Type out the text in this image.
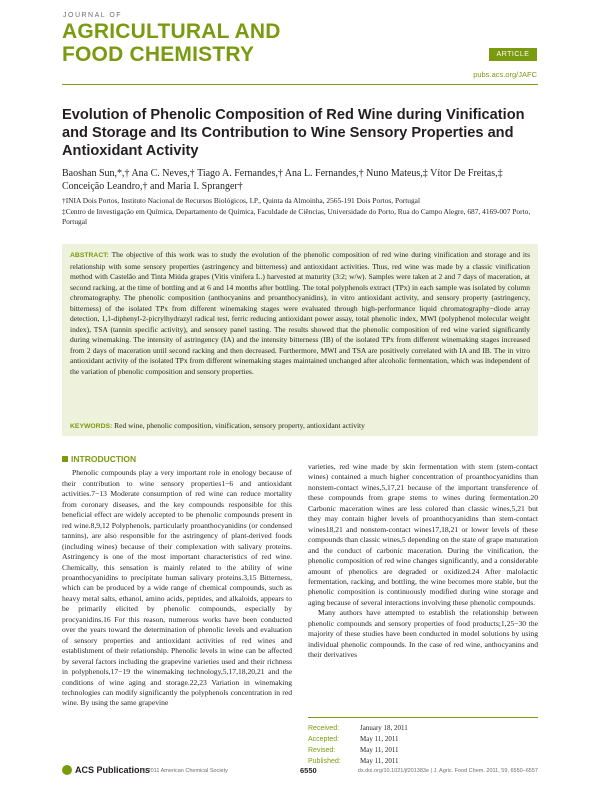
JOURNAL OF
AGRICULTURAL AND
FOOD CHEMISTRY	ARTICLE
pubs.acs.org/JAFC
Evolution of Phenolic Composition of Red Wine during Vinification and Storage and Its Contribution to Wine Sensory Properties and Antioxidant Activity
Baoshan Sun,*,† Ana C. Neves,† Tiago A. Fernandes,† Ana L. Fernandes,† Nuno Mateus,‡ Vítor De Freitas,‡ Conceição Leandro,† and Maria I. Spranger†
†INIA Dois Portos, Instituto Nacional de Recursos Biológicos, I.P., Quinta da Almoinha, 2565-191 Dois Portos, Portugal
‡Centro de Investigação em Química, Departamento de Química, Faculdade de Ciências, Universidade do Porto, Rua do Campo Alegre, 687, 4169-007 Porto, Portugal

ABSTRACT: The objective of this work was to study the evolution of the phenolic composition of red wine during vinification and storage and its relationship with some sensory properties (astringency and bitterness) and antioxidant activities. Thus, red wine was made by a classic vinification method with Castelão and Tinta Miúda grapes (Vitis vinifera L.) harvested at maturity (3:2; w/w). Samples were taken at 2 and 7 days of maceration, at second racking, at the time of bottling and at 6 and 14 months after bottling. The total polyphenols extract (TPx) in each sample was isolated by column chromatography. The phenolic composition (anthocyanins and proanthocyanidins), in vitro antioxidant activity, and sensory property (astringency, bitterness) of the isolated TPx from different winemaking stages were evaluated through high-performance liquid chromatography−diode array detection, 1,1-diphenyl-2-picrylhydrazyl radical test, ferric reducing antioxidant power assay, total phenolic index, MWI (polyphenol molecular weight index), TSA (tannin specific activity), and sensory panel tasting. The results showed that the phenolic composition of red wine varied significantly during winemaking. The intensity of astringency (IA) and the intensity bitterness (IB) of the isolated TPx from different winemaking stages increased from 2 days of maceration until second racking and then decreased. Furthermore, MWI and TSA are positively correlated with IA and IB. The in vitro antioxidant activity of the isolated TPx from different winemaking stages maintained unchanged after alcoholic fermentation, which was independent of the variation of phenolic composition and sensory properties.

KEYWORDS: Red wine, phenolic composition, vinification, sensory property, antioxidant activity
INTRODUCTION

Phenolic compounds play a very important role in enology because of their contribution to wine sensory properties1−6 and antioxidant activities.7−13 Moderate consumption of red wine can reduce mortality from coronary diseases, and the key compounds responsible for this beneficial effect are widely accepted to be phenolic compounds present in red wine.8,9,12 Polyphenols, particularly proanthocyanidins (or condensed tannins), are also responsible for the astringency of plant-derived foods (including wines) because of their complexation with salivary proteins. Astringency is one of the most important characteristics of red wine. Chemically, this sensation is mainly related to the ability of wine proanthocyanidins to precipitate human salivary proteins.3,15 Bitterness, which can be produced by a wide range of chemical compounds, such as heavy metal salts, ethanol, amino acids, peptides, and alkaloids, appears to be primarily elicited by phenolic compounds, especially by procyanidins.16 For this reason, numerous works have been conducted over the years toward the determination of phenolic levels and evaluation of sensory properties and antioxidant activities of red wines and establishment of their relationship. Phenolic levels in wine can be affected by several factors including the grapevine varieties used and their richness in polyphenols,17−19 the winemaking technology,5,17,18,20,21 and the conditions of wine aging and storage.22,23 Variation in winemaking technologies can modify significantly the polyphenols concentration in red wine. By using the same grapevine

varieties, red wine made by skin fermentation with stem (stem-contact wines) contained a much higher concentration of proanthocyanidins than nonstem-contact wines,5,17,21 because of the important transference of these compounds from grape stems to wines during fermentation.20 Carbonic maceration wines are less colored than classic wines,5,21 but they may contain higher levels of proanthocyanidins than stem-contact wines18,21 and nonstem-contact wines17,18,21 or lower levels of these compounds than classic wines,5 depending on the state of grape maturation and the conduct of carbonic maceration. During the vinification, the phenolic composition of red wine changes significantly, and a considerable amount of phenolics are degraded or oxidized.24 After malolactic fermentation, racking, and bottling, the wine becomes more stable, but the phenolic composition is continuously modified during wine storage and aging because of several interactions involving these phenolic compounds.

Many authors have attempted to establish the relationship between phenolic compounds and sensory properties of food products;1,25−30 the majority of these studies have been conducted in model solutions by using individual phenolic compounds. In the case of red wine, anthocyanins and their derivatives

Received:	January 18, 2011
Accepted:	May 11, 2011
Revised:	May 11, 2011
Published:	May 11, 2011
ACS Publications
© 2011 American Chemical Society	6550	dx.doi.org/10.1021/jf201383e | J. Agric. Food Chem. 2011, 59, 6550–6557
